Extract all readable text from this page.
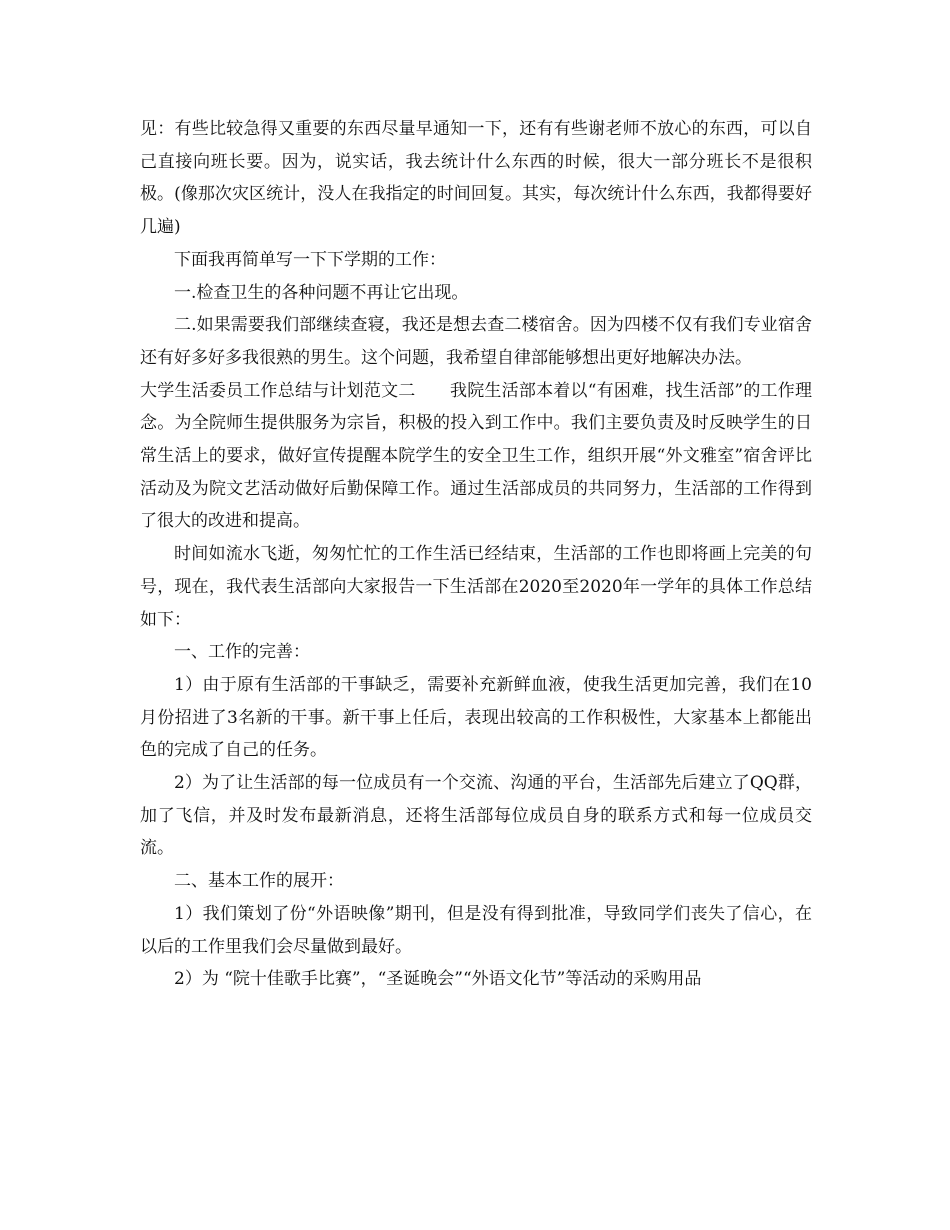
见：有些比较急得又重要的东西尽量早通知一下，还有有些谢老师不放心的东西，可以自己直接向班长要。因为，说实话，我去统计什么东西的时候，很大一部分班长不是很积极。(像那次灾区统计，没人在我指定的时间回复。其实，每次统计什么东西，我都得要好几遍)

下面我再简单写一下下学期的工作：

一.检查卫生的各种问题不再让它出现。

二.如果需要我们部继续查寝，我还是想去查二楼宿舍。因为四楼不仅有我们专业宿舍还有好多好多我很熟的男生。这个问题，我希望自律部能够想出更好地解决办法。

大学生活委员工作总结与计划范文二　　我院生活部本着以“有困难，找生活部”的工作理念。为全院师生提供服务为宗旨，积极的投入到工作中。我们主要负责及时反映学生的日常生活上的要求，做好宣传提醒本院学生的安全卫生工作，组织开展“外文雅室”宿舍评比活动及为院文艺活动做好后勤保障工作。通过生活部成员的共同努力，生活部的工作得到了很大的改进和提高。

时间如流水飞逝，匆匆忙忙的工作生活已经结束，生活部的工作也即将画上完美的句号，现在，我代表生活部向大家报告一下生活部在2020至2020年一学年的具体工作总结如下：

一、工作的完善：

1）由于原有生活部的干事缺乏，需要补充新鲜血液，使我生活更加完善，我们在10月份招进了3名新的干事。新干事上任后，表现出较高的工作积极性，大家基本上都能出色的完成了自己的任务。

2）为了让生活部的每一位成员有一个交流、沟通的平台，生活部先后建立了QQ群，加了飞信，并及时发布最新消息，还将生活部每位成员自身的联系方式和每一位成员交流。

二、基本工作的展开：

1）我们策划了份“外语映像”期刊，但是没有得到批准，导致同学们丧失了信心，在以后的工作里我们会尽量做到最好。

2）为 “院十佳歌手比赛”，“圣诞晚会”“外语文化节”等活动的采购用品
